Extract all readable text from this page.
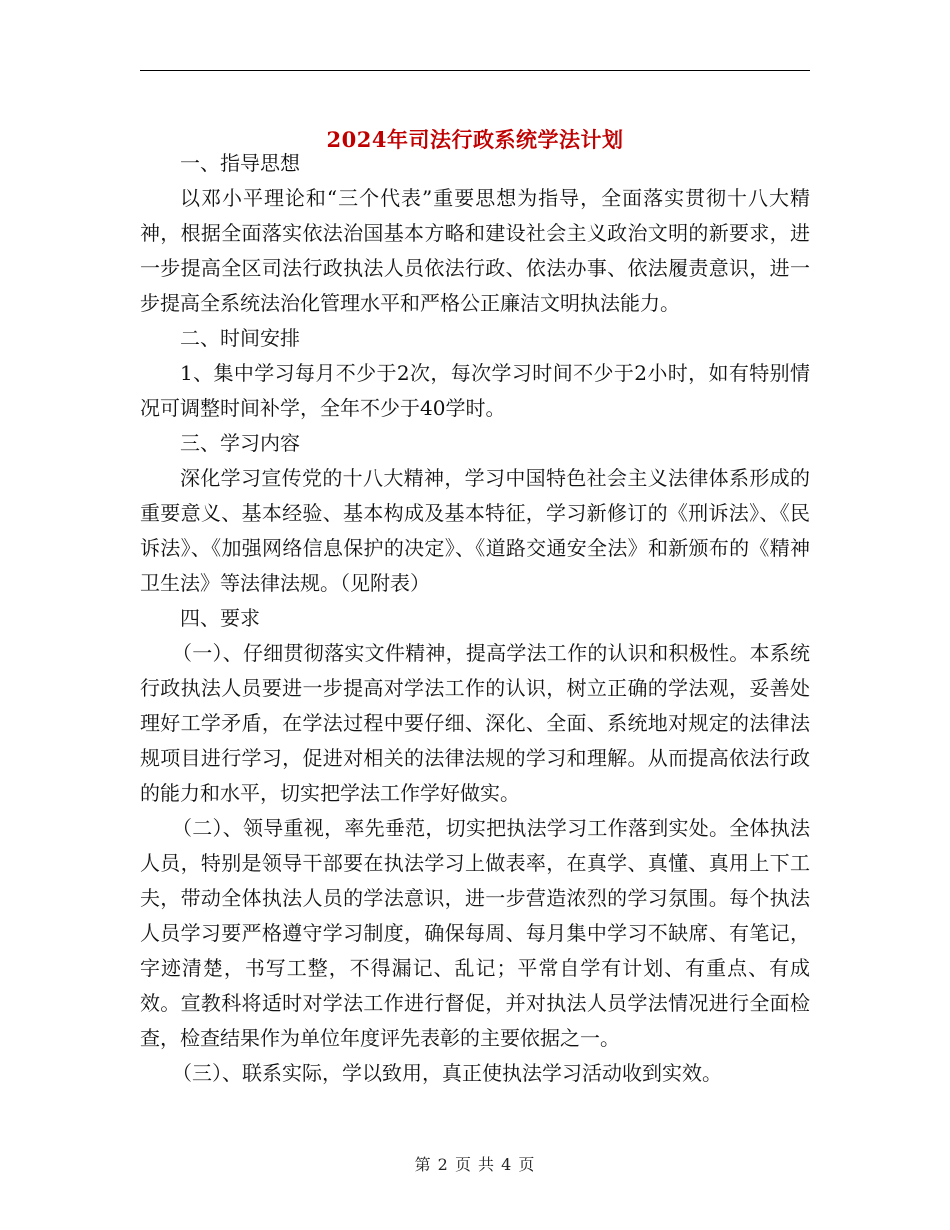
2024年司法行政系统学法计划

一、指导思想

以邓小平理论和“三个代表”重要思想为指导，全面落实贯彻十八大精神，根据全面落实依法治国基本方略和建设社会主义政治文明的新要求，进一步提高全区司法行政执法人员依法行政、依法办事、依法履责意识，进一步提高全系统法治化管理水平和严格公正廉洁文明执法能力。

二、时间安排

1、集中学习每月不少于2次，每次学习时间不少于2小时，如有特别情况可调整时间补学，全年不少于40学时。

三、学习内容

深化学习宣传党的十八大精神，学习中国特色社会主义法律体系形成的重要意义、基本经验、基本构成及基本特征，学习新修订的《刑诉法》、《民诉法》、《加强网络信息保护的决定》、《道路交通安全法》和新颁布的《精神卫生法》等法律法规。（见附表）

四、要求

（一）、仔细贯彻落实文件精神，提高学法工作的认识和积极性。本系统行政执法人员要进一步提高对学法工作的认识，树立正确的学法观，妥善处理好工学矛盾，在学法过程中要仔细、深化、全面、系统地对规定的法律法规项目进行学习，促进对相关的法律法规的学习和理解。从而提高依法行政的能力和水平，切实把学法工作学好做实。

（二）、领导重视，率先垂范，切实把执法学习工作落到实处。全体执法人员，特别是领导干部要在执法学习上做表率，在真学、真懂、真用上下工夫，带动全体执法人员的学法意识，进一步营造浓烈的学习氛围。每个执法人员学习要严格遵守学习制度，确保每周、每月集中学习不缺席、有笔记，字迹清楚，书写工整，不得漏记、乱记；平常自学有计划、有重点、有成效。宣教科将适时对学法工作进行督促，并对执法人员学法情况进行全面检查，检查结果作为单位年度评先表彰的主要依据之一。

（三）、联系实际，学以致用，真正使执法学习活动收到实效。

第 2 页 共 4 页
